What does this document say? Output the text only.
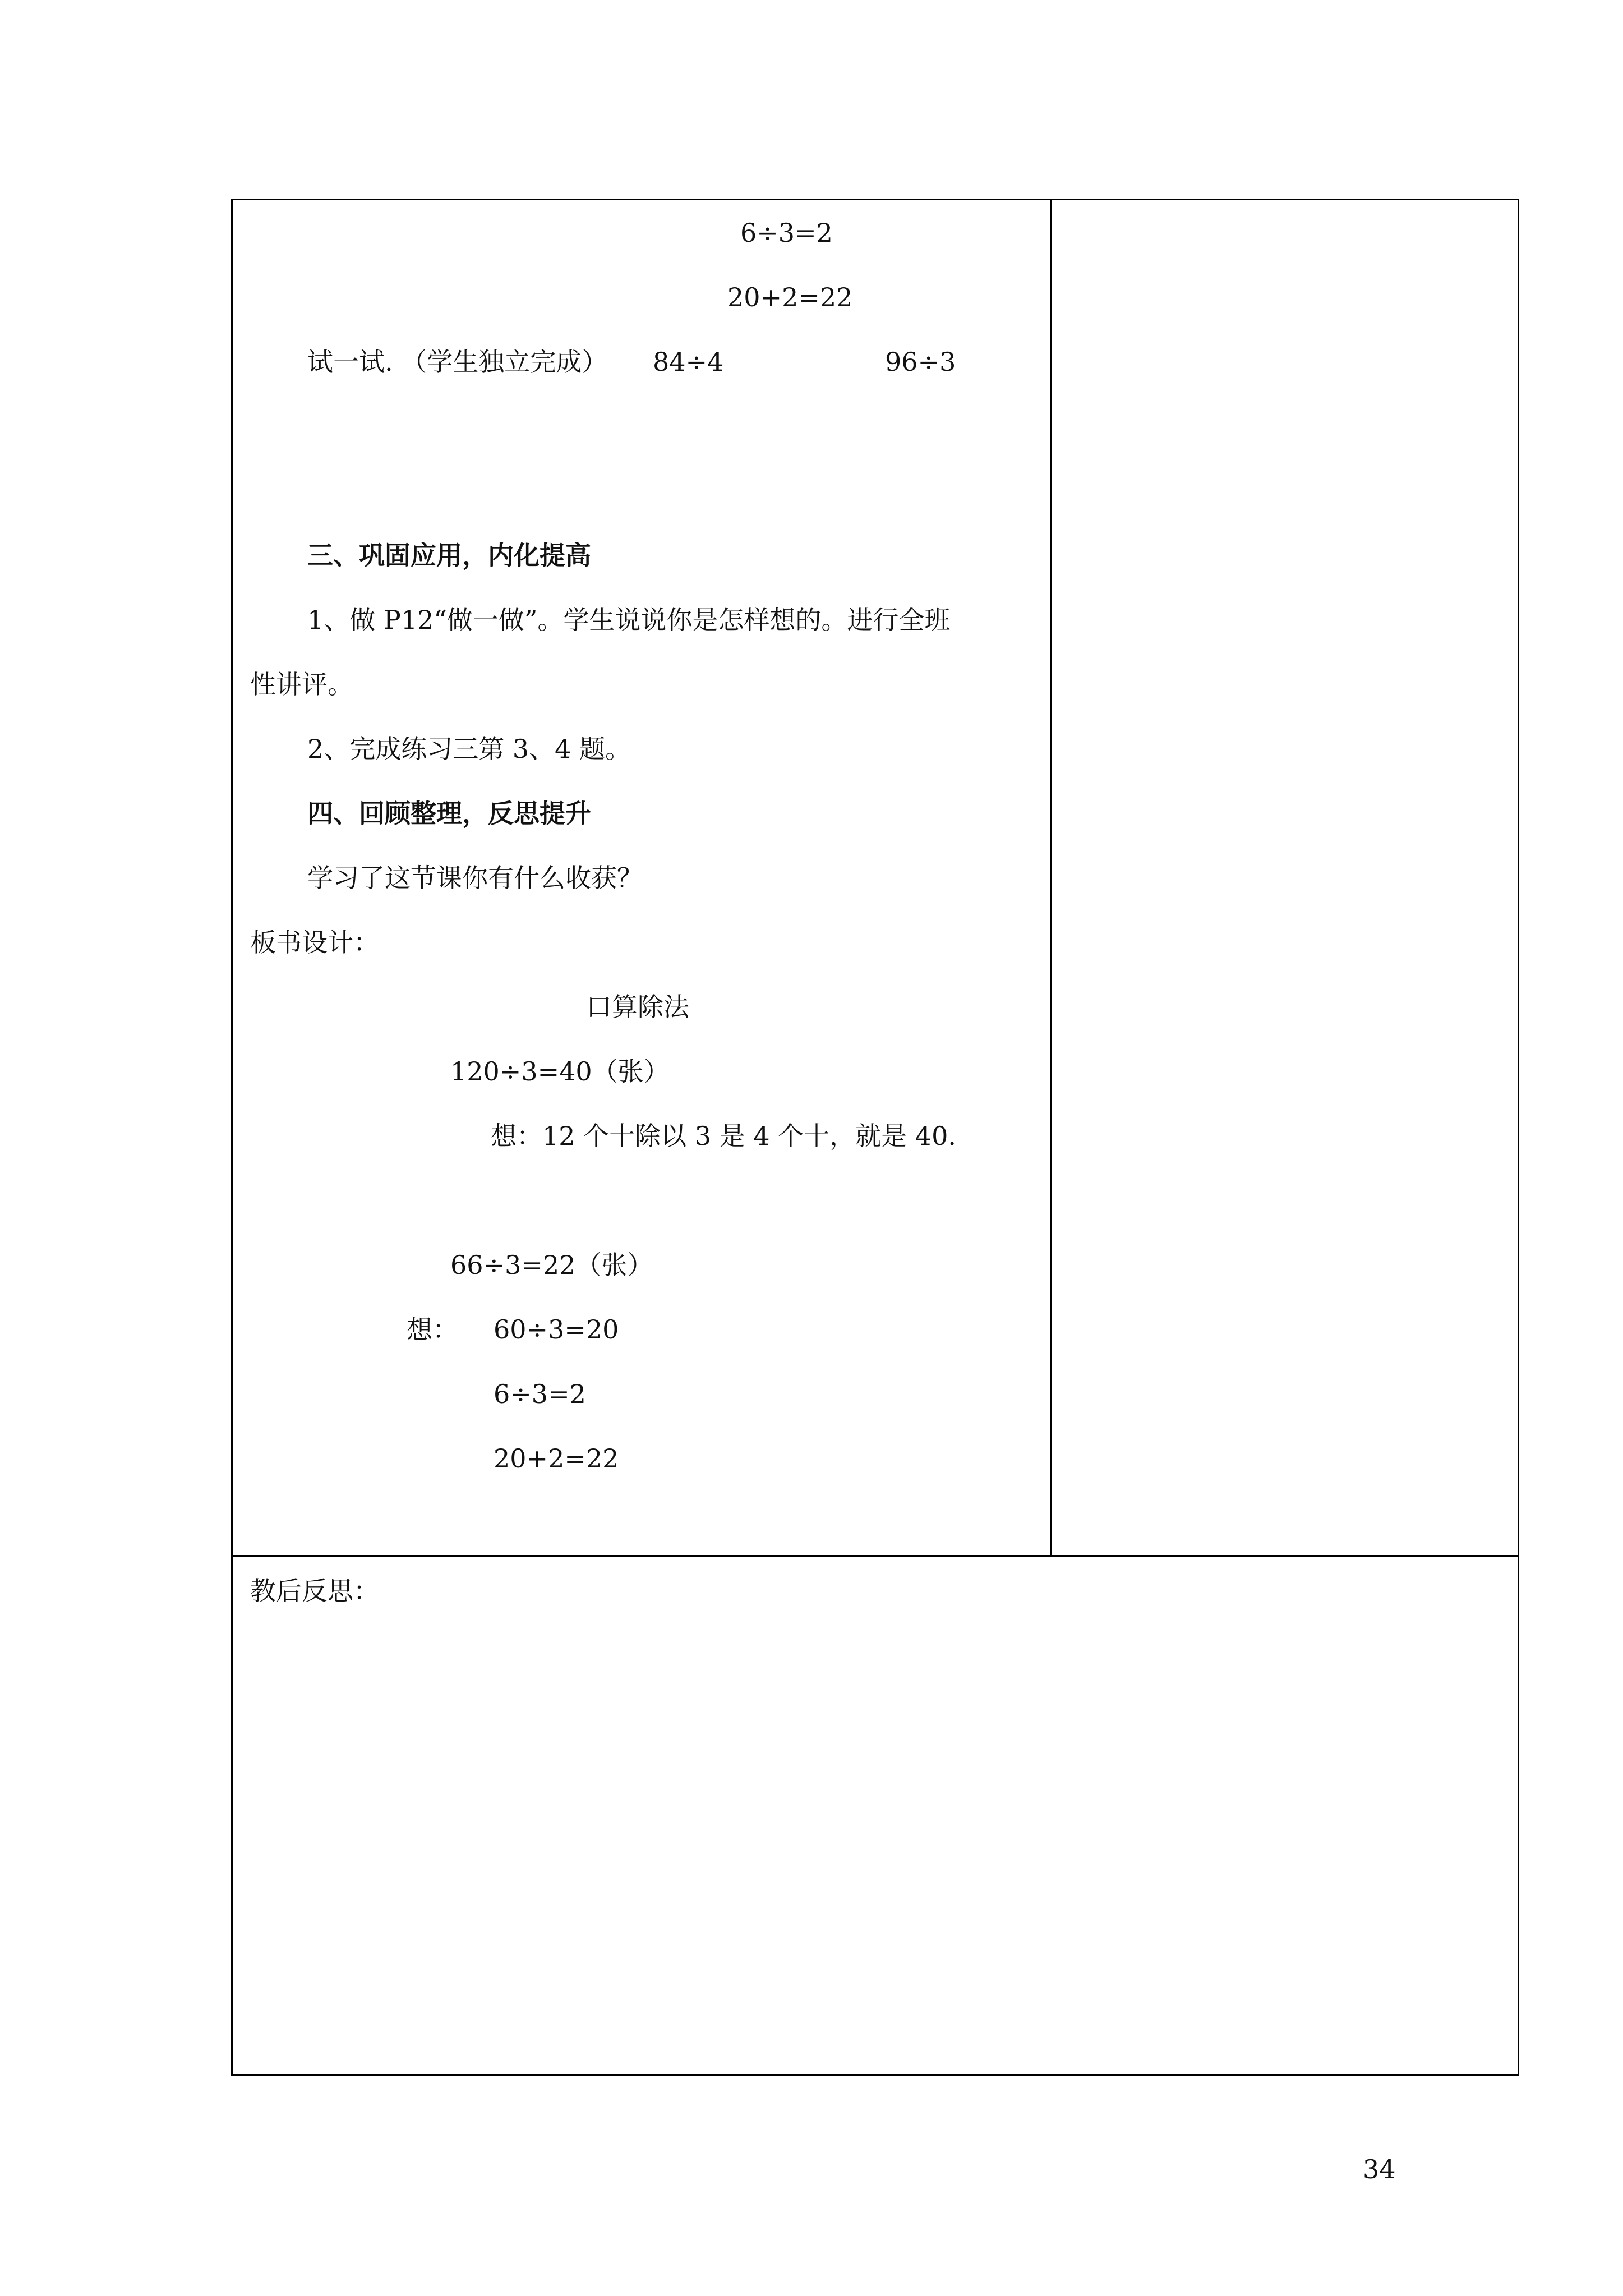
6÷3=2
20+2=22
试一试. （学生独立完成） 84÷4	96÷3
三、巩固应用，内化提高
1、做 P12“做一做”。学生说说你是怎样想的。进行全班
性讲评。
2、完成练习三第 3、4 题。
四、回顾整理，反思提升
学习了这节课你有什么收获？
板书设计：
口算除法
120÷3=40（张）
想：12 个十除以 3 是 4 个十，就是 40.
66÷3=22（张）
想： 60÷3=20
6÷3=2
20+2=22
教后反思：
34
